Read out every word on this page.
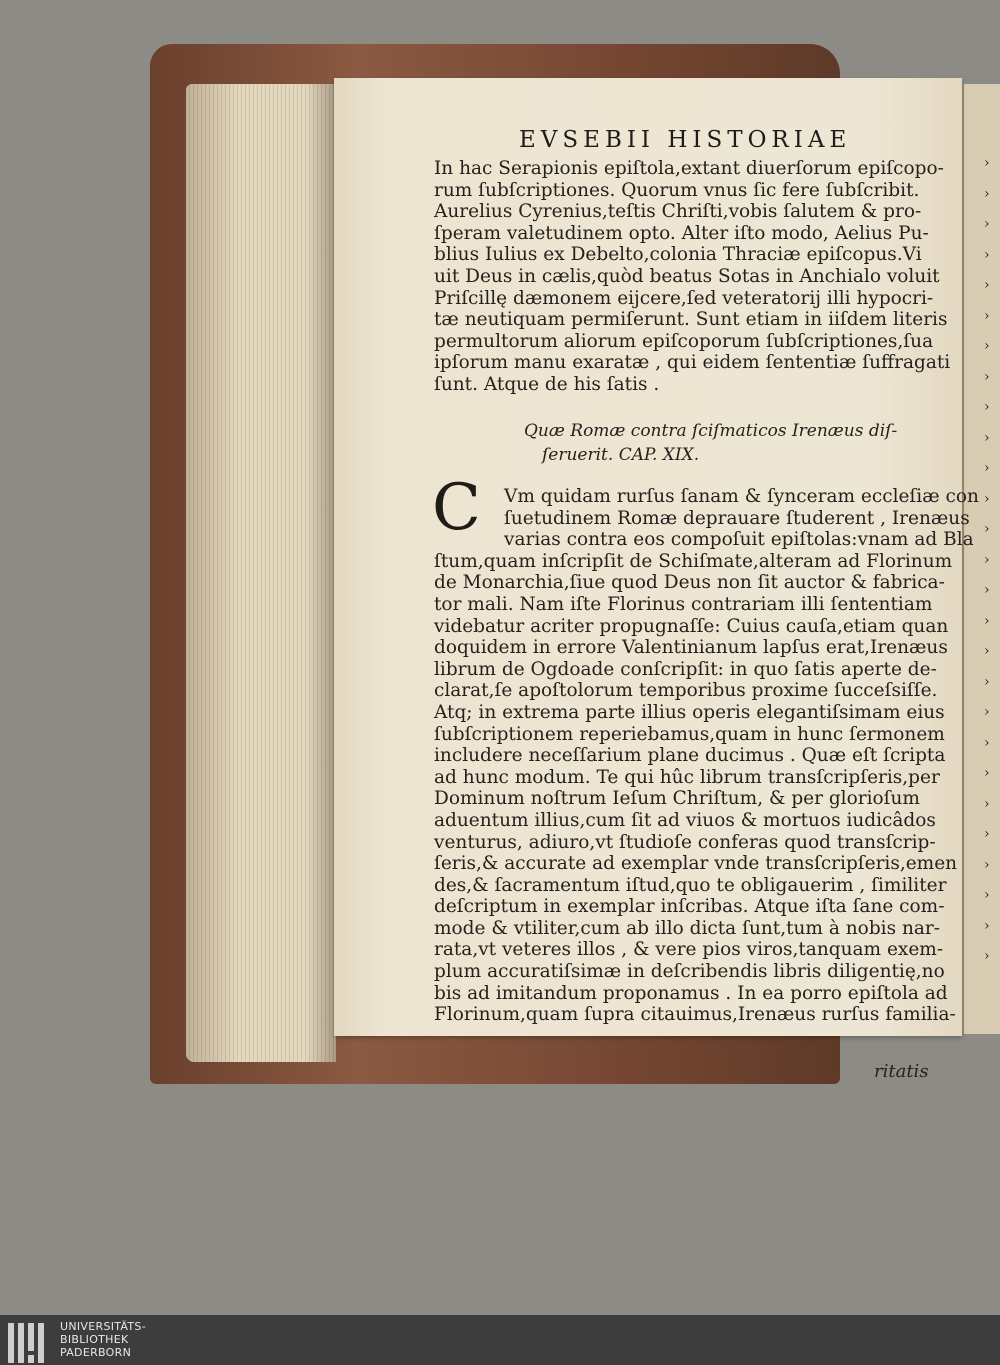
›
›
›
›
›
›
›
›
›
›
›
›
›
›
›
›
›
›
›
›
›
›
›
›
›
›
›
EVSEBII HISTORIAE
In hac Serapionis epiſtola,extant diuerſorum epiſcopo-
rum ſubſcriptiones. Quorum vnus ſic fere ſubſcribit.
Aurelius Cyrenius,teſtis Chriſti,vobis ſalutem & pro-
ſperam valetudinem opto. Alter iſto modo, Aelius Pu-
blius Iulius ex Debelto,colonia Thraciæ epiſcopus.Vi
uit Deus in cælis,quòd beatus Sotas in Anchialo voluit
Priſcillę dæmonem eijcere,ſed veteratorij illi hypocri-
tæ neutiquam permiſerunt. Sunt etiam in iiſdem literis
permultorum aliorum epiſcoporum ſubſcriptiones,ſua
ipſorum manu exaratæ , qui eidem ſententiæ ſuffragati
ſunt. Atque de his ſatis .
Quæ Romæ contra ſciſmaticos Irenæus diſ-
ſeruerit. CAP. XIX.
C	Vm quidam rurſus ſanam & ſynceram eccleſiæ con
ſuetudinem Romæ deprauare ſtuderent , Irenæus
varias contra eos compoſuit epiſtolas:vnam ad Bla
ſtum,quam inſcripſit de Schiſmate,alteram ad Florinum
de Monarchia,ſiue quod Deus non ſit auctor & fabrica-
tor mali. Nam iſte Florinus contrariam illi ſententiam
videbatur acriter propugnaſſe: Cuius cauſa,etiam quan
doquidem in errore Valentinianum lapſus erat,Irenæus
librum de Ogdoade conſcripſit: in quo ſatis aperte de-
clarat,ſe apoſtolorum temporibus proxime ſucceſsiſſe.
Atq; in extrema parte illius operis elegantiſsimam eius
ſubſcriptionem reperiebamus,quam in hunc ſermonem
includere neceſſarium plane ducimus . Quæ eſt ſcripta
ad hunc modum. Te qui hûc librum transſcripſeris,per
Dominum noſtrum Ieſum Chriſtum, & per glorioſum
aduentum illius,cum ſit ad viuos & mortuos iudicâdos
venturus, adiuro,vt ſtudioſe conferas quod transſcrip-
ſeris,& accurate ad exemplar vnde transſcripſeris,emen
des,& ſacramentum iſtud,quo te obligauerim , ſimiliter
deſcriptum in exemplar inſcribas. Atque iſta ſane com-
mode & vtiliter,cum ab illo dicta ſunt,tum à nobis nar-
rata,vt veteres illos , & vere pios viros,tanquam exem-
plum accuratiſsimæ in deſcribendis libris diligentię,no
bis ad imitandum proponamus . In ea porro epiſtola ad
Florinum,quam ſupra citauimus,Irenæus rurſus familia-
ritatis
UNIVERSITÄTS-
BIBLIOTHEK
PADERBORN
